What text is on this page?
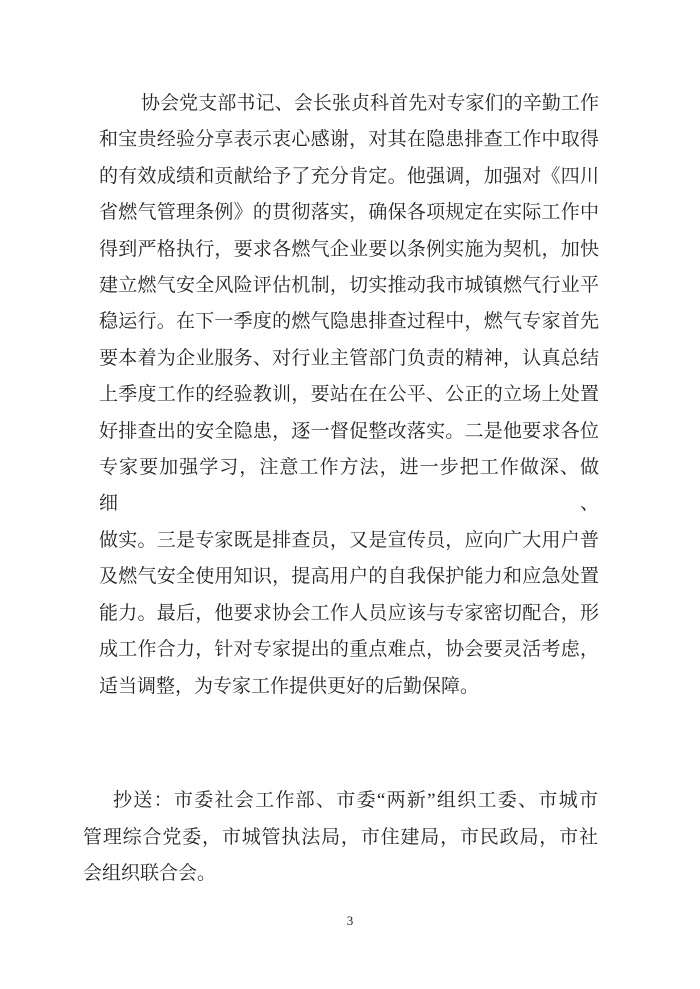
协会党支部书记、会长张贞科首先对专家们的辛勤工作
和宝贵经验分享表示衷心感谢，对其在隐患排查工作中取得
的有效成绩和贡献给予了充分肯定。他强调，加强对《四川
省燃气管理条例》的贯彻落实，确保各项规定在实际工作中
得到严格执行，要求各燃气企业要以条例实施为契机，加快
建立燃气安全风险评估机制，切实推动我市城镇燃气行业平
稳运行。在下一季度的燃气隐患排查过程中，燃气专家首先
要本着为企业服务、对行业主管部门负责的精神，认真总结
上季度工作的经验教训，要站在在公平、公正的立场上处置
好排查出的安全隐患，逐一督促整改落实。二是他要求各位
专家要加强学习，注意工作方法，进一步把工作做深、做细、
做实。三是专家既是排查员，又是宣传员，应向广大用户普
及燃气安全使用知识，提高用户的自我保护能力和应急处置
能力。最后，他要求协会工作人员应该与专家密切配合，形
成工作合力，针对专家提出的重点难点，协会要灵活考虑，
适当调整，为专家工作提供更好的后勤保障。
抄送：市委社会工作部、市委“两新”组织工委、市城市
管理综合党委，市城管执法局，市住建局，市民政局，市社
会组织联合会。
3
